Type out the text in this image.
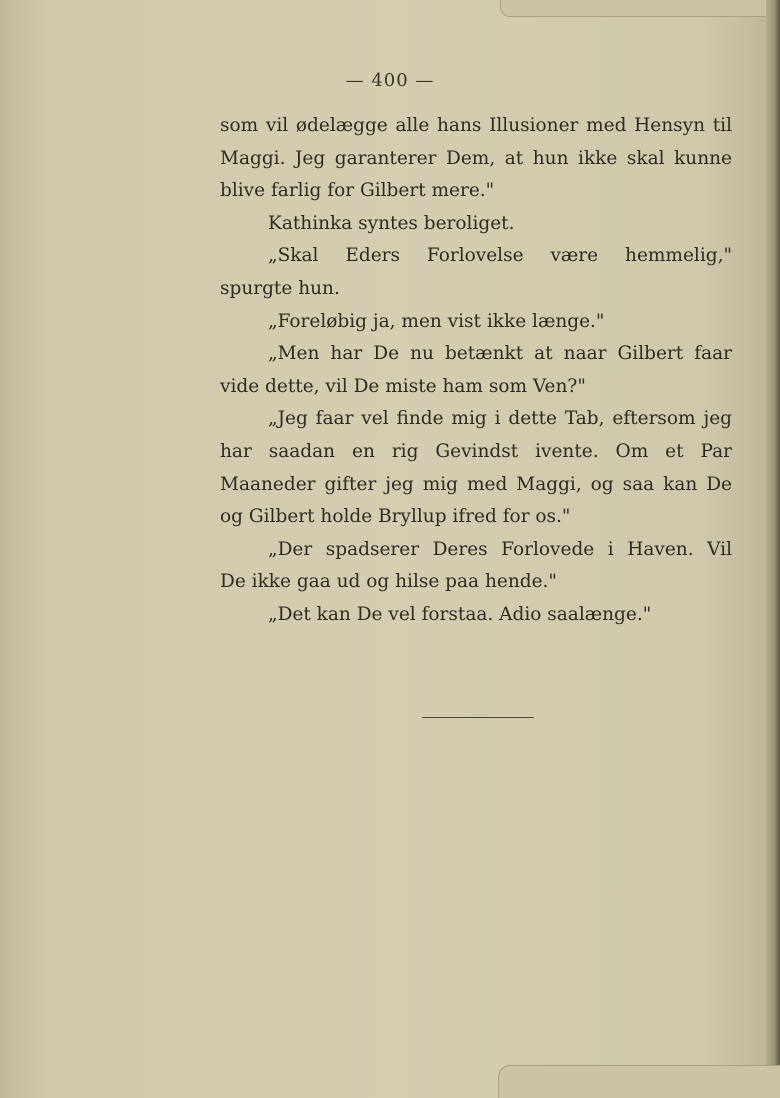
— 400 —
som vil ødelægge alle hans Illusioner med Hensyn til
Maggi. Jeg garanterer Dem, at hun ikke skal kunne
blive farlig for Gilbert mere."
Kathinka syntes beroliget.
„Skal Eders Forlovelse være hemmelig,"
spurgte hun.
„Foreløbig ja, men vist ikke længe."
„Men har De nu betænkt at naar Gilbert faar
vide dette, vil De miste ham som Ven?"
„Jeg faar vel finde mig i dette Tab, eftersom jeg
har saadan en rig Gevindst ivente. Om et Par
Maaneder gifter jeg mig med Maggi, og saa kan De
og Gilbert holde Bryllup ifred for os."
„Der spadserer Deres Forlovede i Haven. Vil
De ikke gaa ud og hilse paa hende."
„Det kan De vel forstaa. Adio saalænge."
